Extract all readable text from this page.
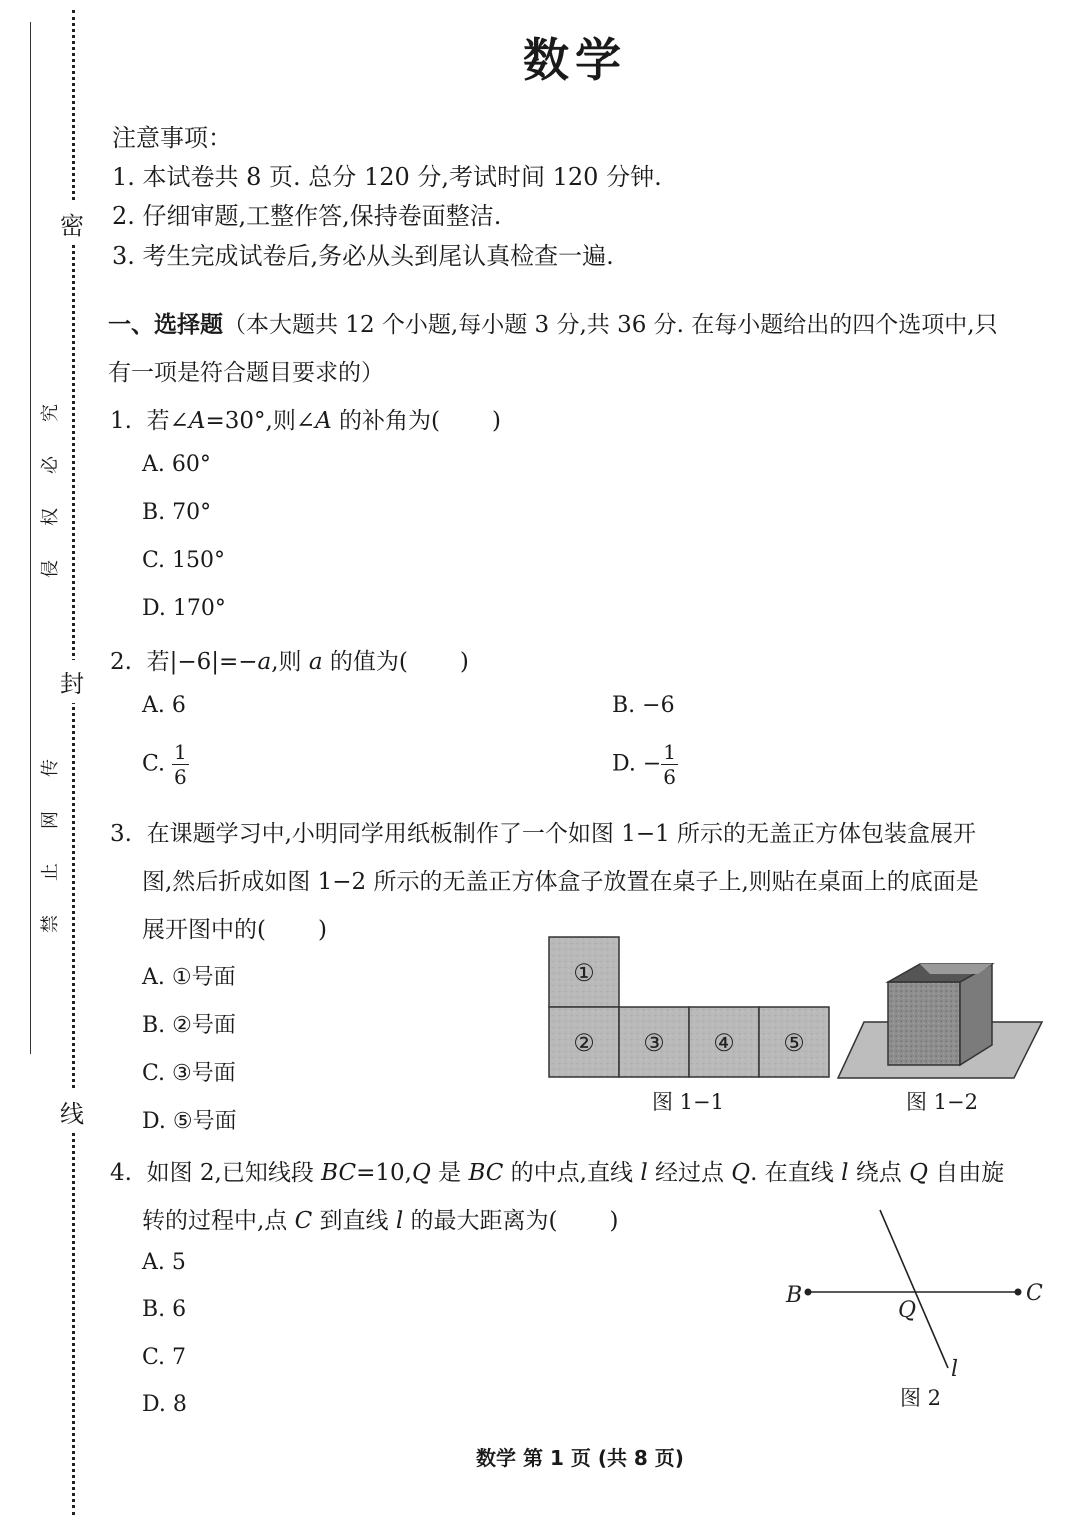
密
封
线
究
必
权
侵
传
网
止
禁
数学
注意事项：
1. 本试卷共 8 页. 总分 120 分,考试时间 120 分钟.
2. 仔细审题,工整作答,保持卷面整洁.
3. 考生完成试卷后,务必从头到尾认真检查一遍.
一、选择题（本大题共 12 个小题,每小题 3 分,共 36 分. 在每小题给出的四个选项中,只
有一项是符合题目要求的）
1. 若∠A=30°,则∠A 的补角为( )
A. 60°
B. 70°
C. 150°
D. 170°
2. 若|−6|=−a,则 a 的值为( )
A. 6	B. −6
C. $\frac{1}{6}$	D. − $\frac{1}{6}$
3. 在课题学习中,小明同学用纸板制作了一个如图 1−1 所示的无盖正方体包装盒展开
图,然后折成如图 1−2 所示的无盖正方体盒子放置在桌子上,则贴在桌面上的底面是
展开图中的( )
A. ①号面
B. ②号面
C. ③号面
D. ⑤号面
①
② ③ ④ ⑤
图 1−1	图 1−2
4. 如图 2,已知线段 BC=10,Q 是 BC 的中点,直线 l 经过点 Q. 在直线 l 绕点 Q 自由旋
转的过程中,点 C 到直线 l 的最大距离为( )
A. 5
B. 6
C. 7
D. 8
B	C
Q
l
图 2
数学 第 1 页 (共 8 页)
